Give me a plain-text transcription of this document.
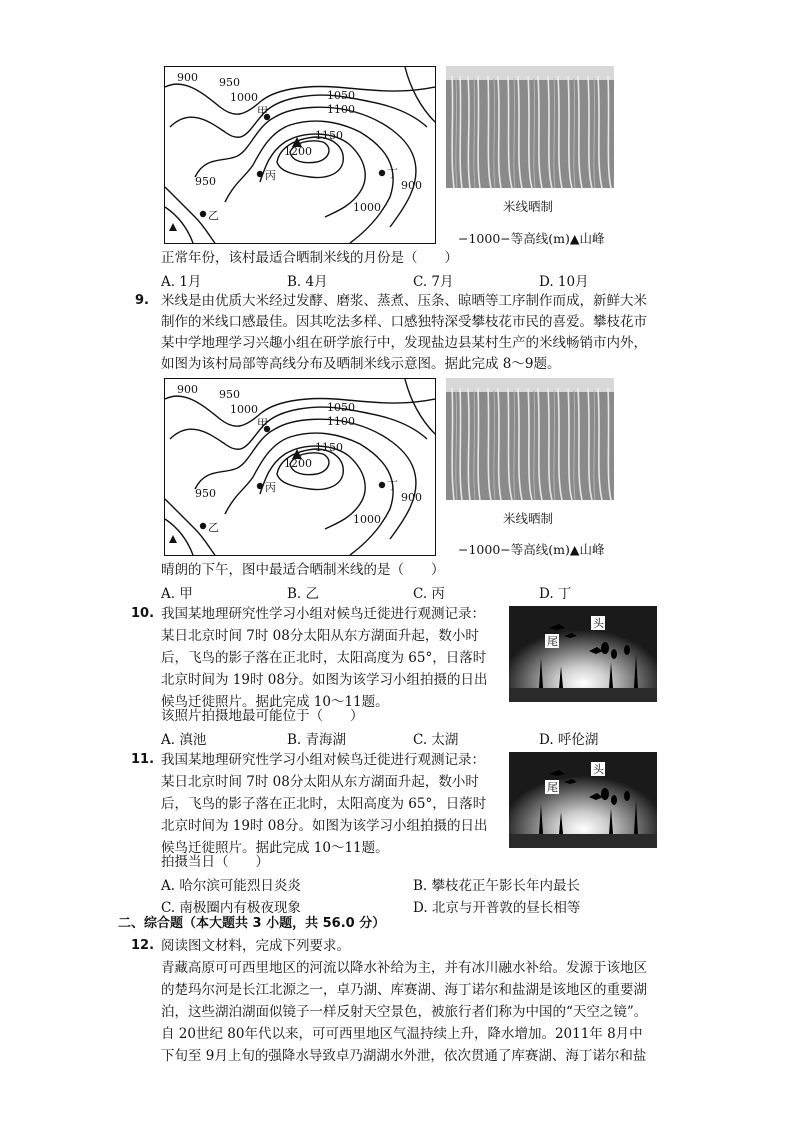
900 950
1000	1050
1100
1150
1200
950	900
1000
甲
乙
丙	丁
米线晒制
−1000−等高线(m)▲山峰
正常年份，该村最适合晒制米线的月份是（　　）
A. 1月	B. 4月	C. 7月	D. 10月
9. 米线是由优质大米经过发酵、磨浆、蒸煮、压条、晾晒等工序制作而成，新鲜大米
制作的米线口感最佳。因其吃法多样、口感独特深受攀枝花市民的喜爱。攀枝花市
某中学地理学习兴趣小组在研学旅行中，发现盐边县某村生产的米线畅销市内外，
如图为该村局部等高线分布及晒制米线示意图。据此完成 8～9题。
900 950
1000	1050
1100
1150
1200
950	900
1000
甲
乙
丙	丁
米线晒制
−1000−等高线(m)▲山峰
晴朗的下午，图中最适合晒制米线的是（　　）
A. 甲	B. 乙	C. 丙	D. 丁
10. 我国某地理研究性学习小组对候鸟迁徙进行观测记录：
某日北京时间 7时 08分太阳从东方湖面升起，数小时
后，飞鸟的影子落在正北时，太阳高度为 65°，日落时
北京时间为 19时 08分。如图为该学习小组拍摄的日出
候鸟迁徙照片。据此完成 10～11题。
尾
头
该照片拍摄地最可能位于（　　）
A. 滇池	B. 青海湖	C. 太湖	D. 呼伦湖
11. 我国某地理研究性学习小组对候鸟迁徙进行观测记录：
某日北京时间 7时 08分太阳从东方湖面升起，数小时
后，飞鸟的影子落在正北时，太阳高度为 65°，日落时
北京时间为 19时 08分。如图为该学习小组拍摄的日出
候鸟迁徙照片。据此完成 10～11题。
尾
头
拍摄当日（　　）
A. 哈尔滨可能烈日炎炎	B. 攀枝花正午影长年内最长
C. 南极圈内有极夜现象	D. 北京与开普敦的昼长相等
二、综合题（本大题共 3 小题，共 56.0 分）
12. 阅读图文材料，完成下列要求。
青藏高原可可西里地区的河流以降水补给为主，并有冰川融水补给。发源于该地区
的楚玛尔河是长江北源之一，卓乃湖、库赛湖、海丁诺尔和盐湖是该地区的重要湖
泊，这些湖泊湖面似镜子一样反射天空景色，被旅行者们称为中国的“天空之镜”。
自 20世纪 80年代以来，可可西里地区气温持续上升，降水增加。2011年 8月中
下旬至 9月上旬的强降水导致卓乃湖湖水外泄，依次贯通了库赛湖、海丁诺尔和盐
